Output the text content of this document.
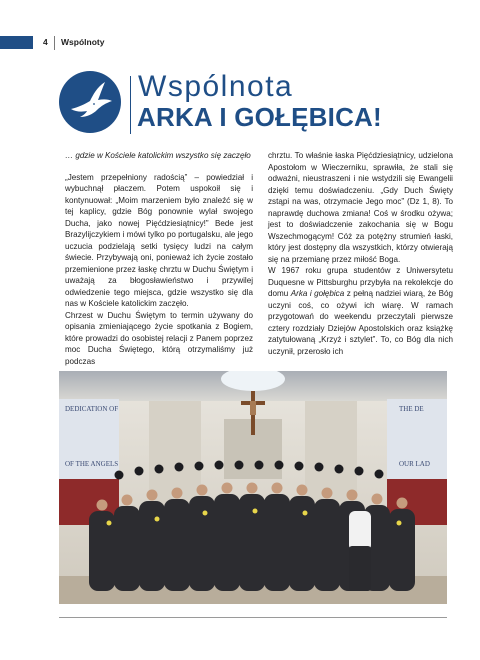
4 Wspólnoty
Wspólnota
ARKA I GOŁĘBICA!

… gdzie w Kościele katolickim wszystko się zaczęło

„Jestem przepełniony radością” – powiedział i wybuchnął płaczem. Potem uspokoił się i kontynuował: „Moim marzeniem było znaleźć się w tej kaplicy, gdzie Bóg ponownie wylał swojego Ducha, jako nowej Pięćdziesiątnicy!” Bede jest Brazylijczykiem i mówi tylko po portugalsku, ale jego uczucia podzielają setki tysięcy ludzi na całym świecie. Przybywają oni, ponieważ ich życie zostało przemienione przez łaskę chrztu w Duchu Świętym i uważają za błogosławieństwo i przywilej odwiedzenie tego miejsca, gdzie wszystko się dla nas w Kościele katolickim zaczęło.

Chrzest w Duchu Świętym to termin używany do opisania zmieniającego życie spotkania z Bogiem, które prowadzi do osobistej relacji z Panem poprzez moc Ducha Świętego, którą otrzymaliśmy już podczas

chrztu. To właśnie łaska Pięćdziesiątnicy, udzielona Apostołom w Wieczerniku, sprawiła, że stali się odważni, nieustraszeni i nie wstydzili się Ewangelii dzięki temu doświadczeniu. „Gdy Duch Święty zstąpi na was, otrzymacie Jego moc” (Dz 1, 8). To naprawdę duchowa zmiana! Coś w środku ożywa; jest to doświadczenie zakochania się w Bogu Wszechmogącym! Cóż za potężny strumień łaski, który jest dostępny dla wszystkich, którzy otwierają się na przemianę przez miłość Boga.

W 1967 roku grupa studentów z Uniwersytetu Duquesne w Pittsburghu przybyła na rekolekcje do domu Arka i gołębica z pełną nadziei wiarą, że Bóg uczyni coś, co ożywi ich wiarę. W ramach przygotowań do weekendu przeczytali pierwsze cztery rozdziały Dziejów Apostolskich oraz książkę zatytułowaną „Krzyż i sztylet”. To, co Bóg dla nich uczynił, przerosło ich

DEDICATION OF
OF THE ANGELS
THE DE
OUR LAD
